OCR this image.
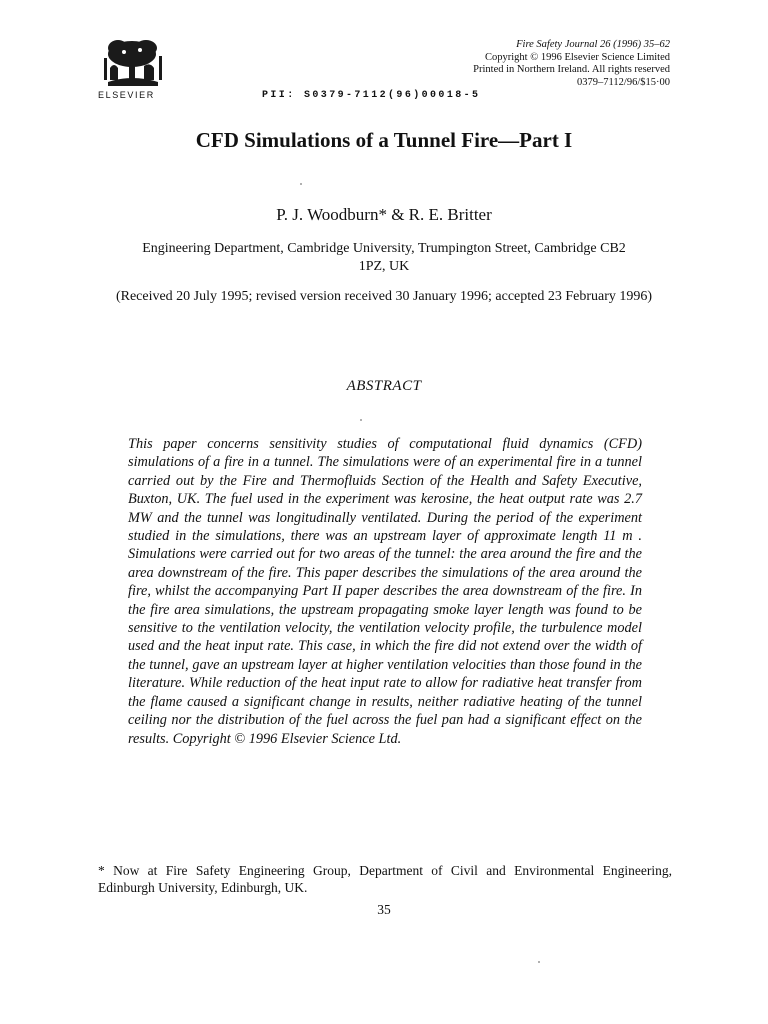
ELSEVIER
Fire Safety Journal 26 (1996) 35–62
Copyright © 1996 Elsevier Science Limited
Printed in Northern Ireland. All rights reserved
0379–7112/96/$15·00
PII: S0379-7112(96)00018-5
CFD Simulations of a Tunnel Fire—Part I
P. J. Woodburn* & R. E. Britter
Engineering Department, Cambridge University, Trumpington Street, Cambridge CB2 1PZ, UK
(Received 20 July 1995; revised version received 30 January 1996; accepted 23 February 1996)
ABSTRACT
This paper concerns sensitivity studies of computational fluid dynamics (CFD) simulations of a fire in a tunnel. The simulations were of an experimental fire in a tunnel carried out by the Fire and Thermofluids Section of the Health and Safety Executive, Buxton, UK. The fuel used in the experiment was kerosine, the heat output rate was 2.7 MW and the tunnel was longitudinally ventilated. During the period of the experiment studied in the simulations, there was an upstream layer of approximate length 11 m . Simulations were carried out for two areas of the tunnel: the area around the fire and the area downstream of the fire. This paper describes the simulations of the area around the fire, whilst the accompanying Part II paper describes the area downstream of the fire. In the fire area simulations, the upstream propagating smoke layer length was found to be sensitive to the ventilation velocity, the ventilation velocity profile, the turbulence model used and the heat input rate. This case, in which the fire did not extend over the width of the tunnel, gave an upstream layer at higher ventilation velocities than those found in the literature. While reduction of the heat input rate to allow for radiative heat transfer from the flame caused a significant change in results, neither radiative heating of the tunnel ceiling nor the distribution of the fuel across the fuel pan had a significant effect on the results. Copyright © 1996 Elsevier Science Ltd.
* Now at Fire Safety Engineering Group, Department of Civil and Environmental Engineering, Edinburgh University, Edinburgh, UK.
35
